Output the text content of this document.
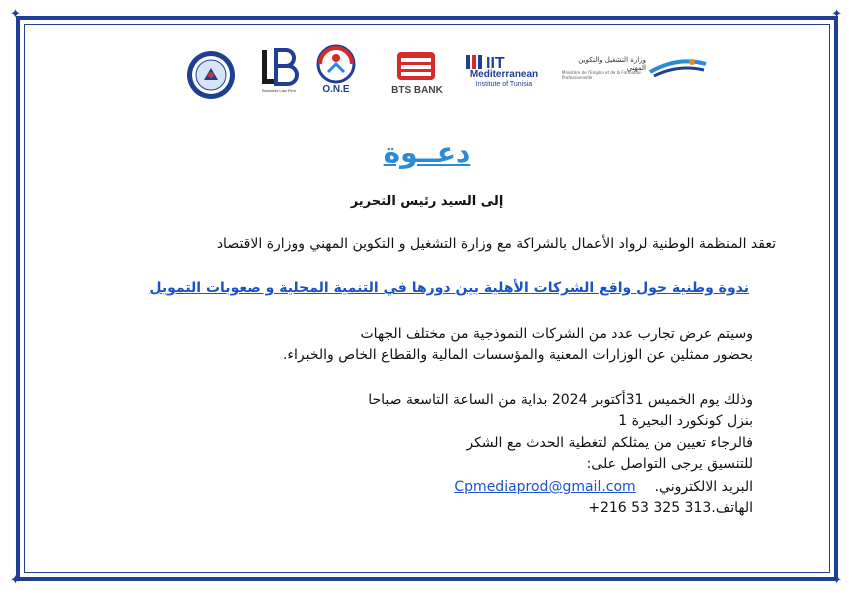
✦	✦
✦	✦
Business Law Firm	O.N.E	BTS BANK
IIT
Mediterranean
Institute of Tunisia
وزارة التشغيل والتكوين المهني
Ministère de l'Emploi et de la Formation Professionnelle
دعــوة
إلى السيد رئيس التحرير
تعقد المنظمة الوطنية لرواد الأعمال بالشراكة مع وزارة التشغيل و التكوين المهني ووزارة الاقتصاد
ندوة وطنية حول واقع الشركات الأهلية بين دورها في التنمية المحلية و صعوبات التمويل
وسيتم عرض تجارب عدد من الشركات النموذجية من مختلف الجهات
بحضور ممثلين عن الوزارات المعنية والمؤسسات المالية والقطاع الخاص والخبراء.
وذلك يوم الخميس 31أكتوبر 2024 بداية من الساعة التاسعة صباحا
بنزل كونكورد البحيرة 1
فالرجاء تعيين من يمثلكم لتغطية الحدث مع الشكر
للتنسيق يرجى التواصل على:
البريد الالكتروني.  Cpmediaprod@gmail.com
الهاتف.+216 53 325 313
